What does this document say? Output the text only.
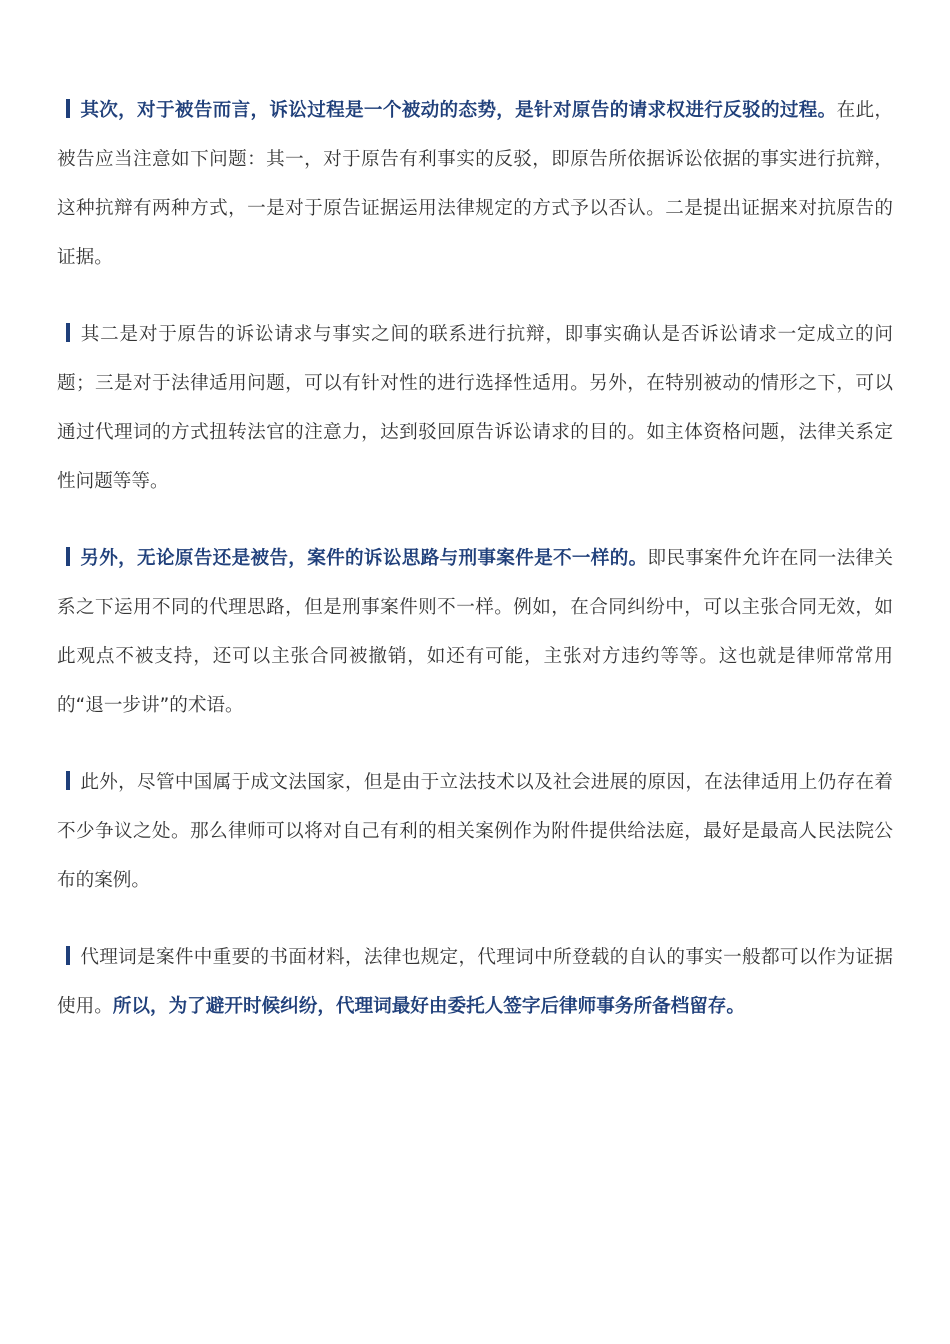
其次，对于被告而言，诉讼过程是一个被动的态势，是针对原告的请求权进行反驳的过程。在此，被告应当注意如下问题：其一，对于原告有利事实的反驳，即原告所依据诉讼依据的事实进行抗辩，这种抗辩有两种方式，一是对于原告证据运用法律规定的方式予以否认。二是提出证据来对抗原告的证据。

其二是对于原告的诉讼请求与事实之间的联系进行抗辩，即事实确认是否诉讼请求一定成立的问题；三是对于法律适用问题，可以有针对性的进行选择性适用。另外，在特别被动的情形之下，可以通过代理词的方式扭转法官的注意力，达到驳回原告诉讼请求的目的。如主体资格问题，法律关系定性问题等等。

另外，无论原告还是被告，案件的诉讼思路与刑事案件是不一样的。即民事案件允许在同一法律关系之下运用不同的代理思路，但是刑事案件则不一样。例如，在合同纠纷中，可以主张合同无效，如此观点不被支持，还可以主张合同被撤销，如还有可能，主张对方违约等等。这也就是律师常常用的“退一步讲”的术语。

此外，尽管中国属于成文法国家，但是由于立法技术以及社会进展的原因，在法律适用上仍存在着不少争议之处。那么律师可以将对自己有利的相关案例作为附件提供给法庭，最好是最高人民法院公布的案例。

代理词是案件中重要的书面材料，法律也规定，代理词中所登载的自认的事实一般都可以作为证据使用。所以，为了避开时候纠纷，代理词最好由委托人签字后律师事务所备档留存。
